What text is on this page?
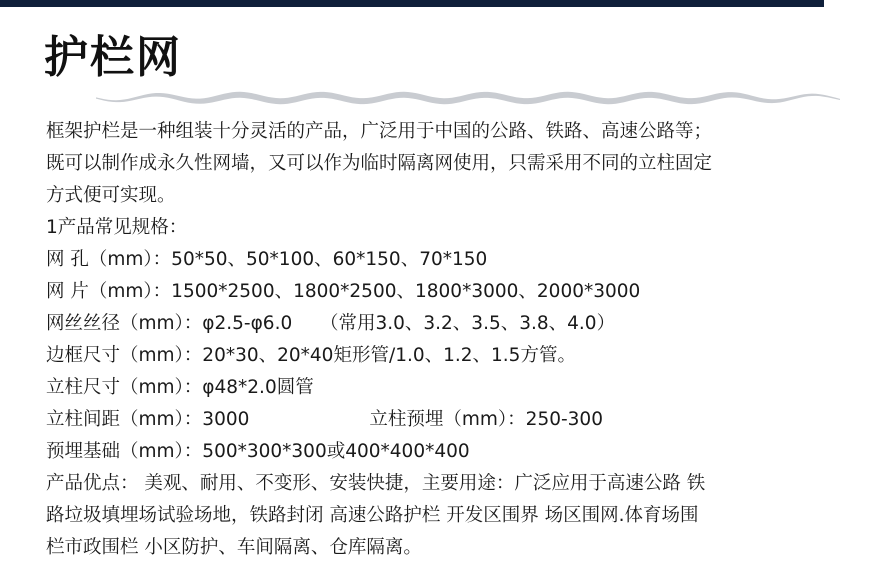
护栏网
框架护栏是一种组装十分灵活的产品，广泛用于中国的公路、铁路、高速公路等；
既可以制作成永久性网墙，又可以作为临时隔离网使用，只需采用不同的立柱固定
方式便可实现。
1产品常见规格：
网 孔（mm）：50*50、50*100、60*150、70*150
网 片（mm）：1500*2500、1800*2500、1800*3000、2000*3000
网丝丝径（mm）：φ2.5-φ6.0　　（常用3.0、3.2、3.5、3.8、4.0）
边框尺寸（mm）：20*30、20*40矩形管/1.0、1.2、1.5方管。
立柱尺寸（mm）：φ48*2.0圆管
立柱间距（mm）：3000	立柱预埋（mm）：250-300
预埋基础（mm）：500*300*300或400*400*400
产品优点： 美观、耐用、不变形、安装快捷，主要用途：广泛应用于高速公路 铁
路垃圾填埋场试验场地，铁路封闭 高速公路护栏 开发区围界 场区围网.体育场围
栏市政围栏 小区防护、车间隔离、仓库隔离。
